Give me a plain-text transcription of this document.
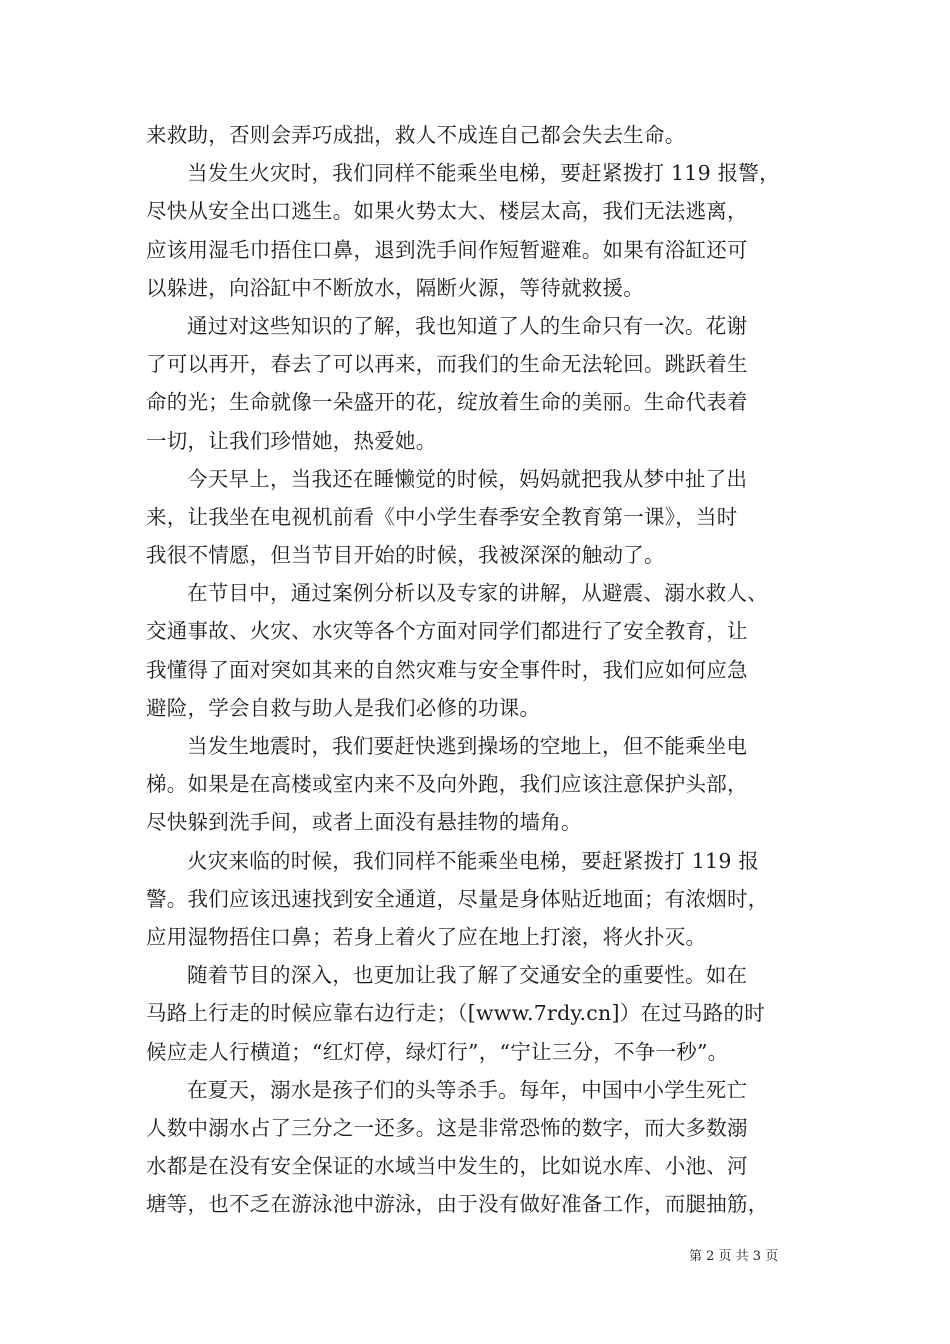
来救助，否则会弄巧成拙，救人不成连自己都会失去生命。
当发生火灾时，我们同样不能乘坐电梯，要赶紧拨打 119 报警，
尽快从安全出口逃生。如果火势太大、楼层太高，我们无法逃离，
应该用湿毛巾捂住口鼻，退到洗手间作短暂避难。如果有浴缸还可
以躲进，向浴缸中不断放水，隔断火源，等待就救援。
通过对这些知识的了解，我也知道了人的生命只有一次。花谢
了可以再开，春去了可以再来，而我们的生命无法轮回。跳跃着生
命的光；生命就像一朵盛开的花，绽放着生命的美丽。生命代表着
一切，让我们珍惜她，热爱她。
今天早上，当我还在睡懒觉的时候，妈妈就把我从梦中扯了出
来，让我坐在电视机前看《中小学生春季安全教育第一课》，当时
我很不情愿，但当节目开始的时候，我被深深的触动了。
在节目中，通过案例分析以及专家的讲解，从避震、溺水救人、
交通事故、火灾、水灾等各个方面对同学们都进行了安全教育，让
我懂得了面对突如其来的自然灾难与安全事件时，我们应如何应急
避险，学会自救与助人是我们必修的功课。
当发生地震时，我们要赶快逃到操场的空地上，但不能乘坐电
梯。如果是在高楼或室内来不及向外跑，我们应该注意保护头部，
尽快躲到洗手间，或者上面没有悬挂物的墙角。
火灾来临的时候，我们同样不能乘坐电梯，要赶紧拨打 119 报
警。我们应该迅速找到安全通道，尽量是身体贴近地面；有浓烟时，
应用湿物捂住口鼻；若身上着火了应在地上打滚，将火扑灭。
随着节目的深入，也更加让我了解了交通安全的重要性。如在
马路上行走的时候应靠右边行走；（[www.7rdy.cn]）在过马路的时
候应走人行横道；“红灯停，绿灯行”，“宁让三分，不争一秒”。
在夏天，溺水是孩子们的头等杀手。每年，中国中小学生死亡
人数中溺水占了三分之一还多。这是非常恐怖的数字，而大多数溺
水都是在没有安全保证的水域当中发生的，比如说水库、小池、河
塘等，也不乏在游泳池中游泳，由于没有做好准备工作，而腿抽筋，
第 2 页 共 3 页
